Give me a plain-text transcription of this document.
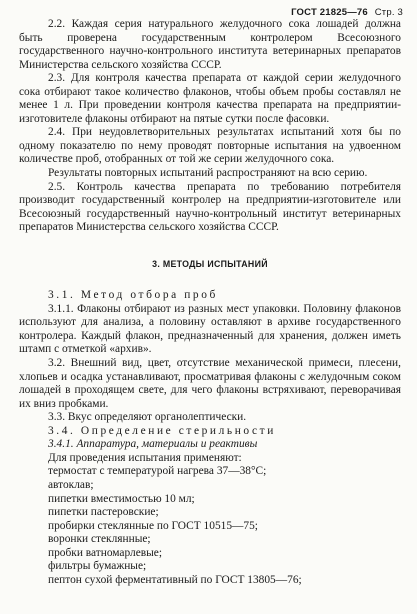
ГОСТ 21825—76 Стр. 3

2.2. Каждая серия натурального желудочного сока лошадей должна быть проверена государственным контролером Всесоюзного государственного научно-контрольного института ветеринарных препаратов Министерства сельского хозяйства СССР.

2.3. Для контроля качества препарата от каждой серии желудочного сока отбирают такое количество флаконов, чтобы объем пробы составлял не менее 1 л. При проведении контроля качества препарата на предприятии-изготовителе флаконы отбирают на пятые сутки после фасовки.

2.4. При неудовлетворительных результатах испытаний хотя бы по одному показателю по нему проводят повторные испытания на удвоенном количестве проб, отобранных от той же серии желудочного сока.

Результаты повторных испытаний распространяют на всю серию.

2.5. Контроль качества препарата по требованию потребителя производит государственный контролер на предприятии-изготовителе или Всесоюзный государственный научно-контрольный институт ветеринарных препаратов Министерства сельского хозяйства СССР.

3. МЕТОДЫ ИСПЫТАНИЙ

3.1. Метод отбора проб

3.1.1. Флаконы отбирают из разных мест упаковки. Половину флаконов используют для анализа, а половину оставляют в архиве государственного контролера. Каждый флакон, предназначенный для хранения, должен иметь штамп с отметкой «архив».

3.2. Внешний вид, цвет, отсутствие механической примеси, плесени, хлопьев и осадка устанавливают, просматривая флаконы с желудочным соком лошадей в проходящем свете, для чего флаконы встряхивают, переворачивая их вниз пробками.

3.3. Вкус определяют органолептически.

3.4. Определение стерильности

3.4.1. Аппаратура, материалы и реактивы

Для проведения испытания применяют:

термостат с температурой нагрева 37—38°С;

автоклав;

пипетки вместимостью 10 мл;

пипетки пастеровские;

пробирки стеклянные по ГОСТ 10515—75;

воронки стеклянные;

пробки ватномарлевые;

фильтры бумажные;

пептон сухой ферментативный по ГОСТ 13805—76;
